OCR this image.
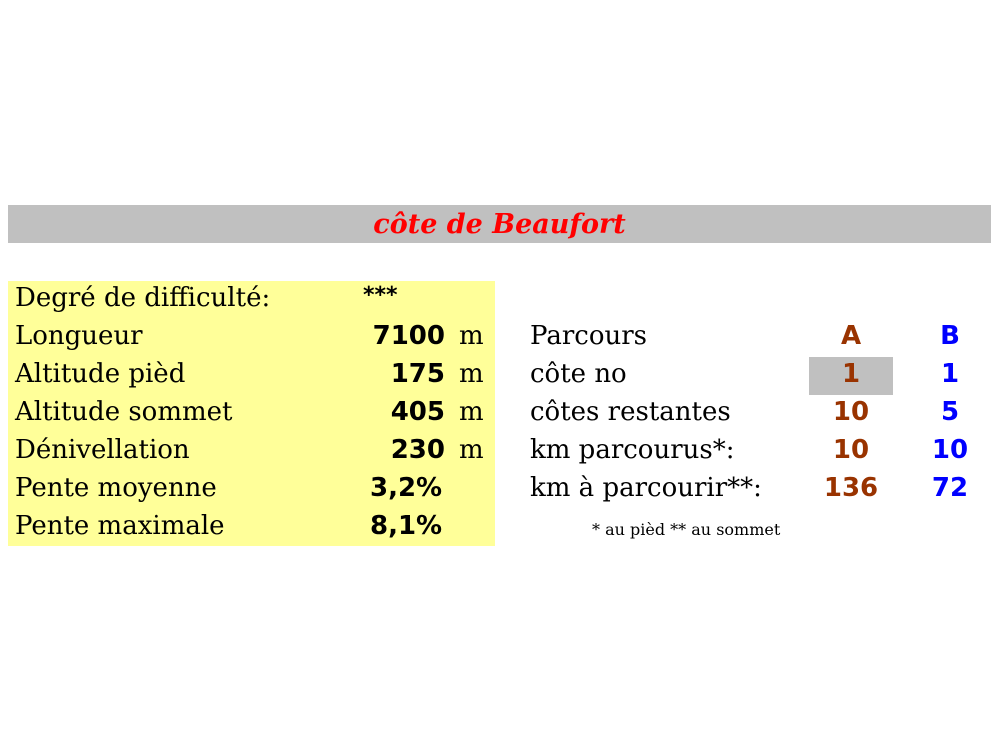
côte de Beaufort
Degré de difficulté:	***
Longueur	7100 m
Altitude pièd	175 m
Altitude sommet	405 m
Dénivellation	230 m
Pente moyenne	3,2%
Pente maximale	8,1%
Parcours	A	B
côte no	1	1
côtes restantes	10	5
km parcourus*:	10	10
km à parcourir**:	136	72
* au pièd ** au sommet
